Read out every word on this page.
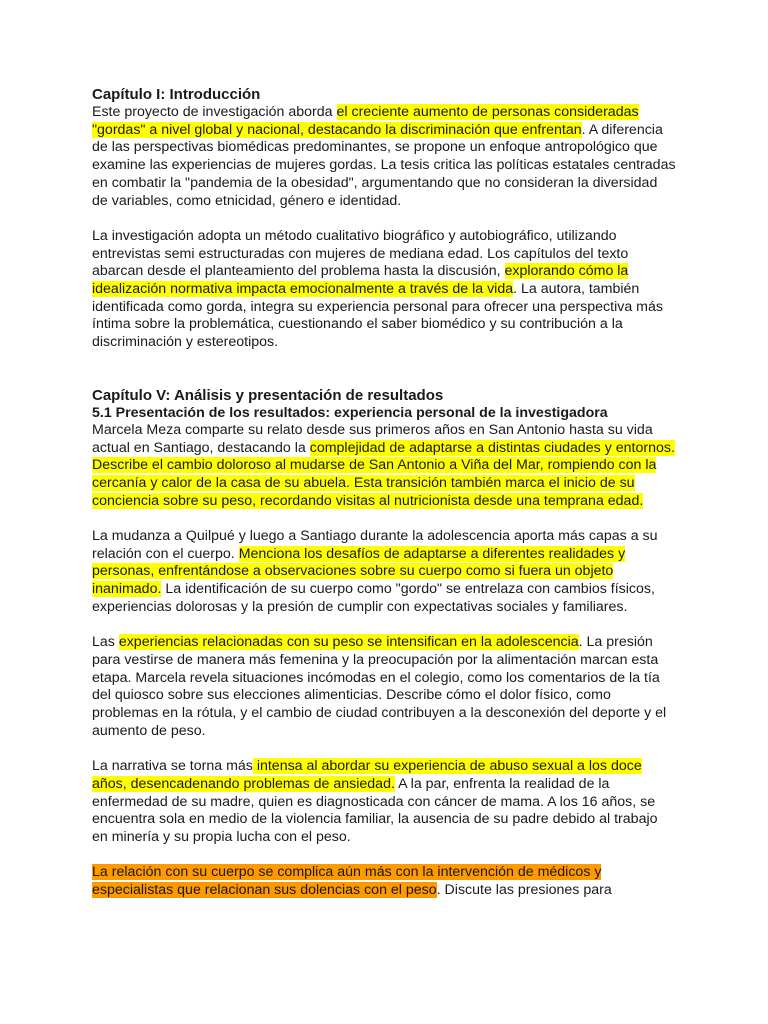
Capítulo I: Introducción

Este proyecto de investigación aborda el creciente aumento de personas consideradas "gordas" a nivel global y nacional, destacando la discriminación que enfrentan. A diferencia de las perspectivas biomédicas predominantes, se propone un enfoque antropológico que examine las experiencias de mujeres gordas. La tesis critica las políticas estatales centradas en combatir la "pandemia de la obesidad", argumentando que no consideran la diversidad de variables, como etnicidad, género e identidad.

La investigación adopta un método cualitativo biográfico y autobiográfico, utilizando entrevistas semi estructuradas con mujeres de mediana edad. Los capítulos del texto abarcan desde el planteamiento del problema hasta la discusión, explorando cómo la idealización normativa impacta emocionalmente a través de la vida. La autora, también identificada como gorda, integra su experiencia personal para ofrecer una perspectiva más íntima sobre la problemática, cuestionando el saber biomédico y su contribución a la discriminación y estereotipos.

Capítulo V: Análisis y presentación de resultados
5.1 Presentación de los resultados: experiencia personal de la investigadora

Marcela Meza comparte su relato desde sus primeros años en San Antonio hasta su vida actual en Santiago, destacando la complejidad de adaptarse a distintas ciudades y entornos. Describe el cambio doloroso al mudarse de San Antonio a Viña del Mar, rompiendo con la cercanía y calor de la casa de su abuela. Esta transición también marca el inicio de su conciencia sobre su peso, recordando visitas al nutricionista desde una temprana edad.

La mudanza a Quilpué y luego a Santiago durante la adolescencia aporta más capas a su relación con el cuerpo. Menciona los desafíos de adaptarse a diferentes realidades y personas, enfrentándose a observaciones sobre su cuerpo como si fuera un objeto inanimado. La identificación de su cuerpo como "gordo" se entrelaza con cambios físicos, experiencias dolorosas y la presión de cumplir con expectativas sociales y familiares.

Las experiencias relacionadas con su peso se intensifican en la adolescencia. La presión para vestirse de manera más femenina y la preocupación por la alimentación marcan esta etapa. Marcela revela situaciones incómodas en el colegio, como los comentarios de la tía del quiosco sobre sus elecciones alimenticias. Describe cómo el dolor físico, como problemas en la rótula, y el cambio de ciudad contribuyen a la desconexión del deporte y el aumento de peso.

La narrativa se torna más intensa al abordar su experiencia de abuso sexual a los doce años, desencadenando problemas de ansiedad. A la par, enfrenta la realidad de la enfermedad de su madre, quien es diagnosticada con cáncer de mama. A los 16 años, se encuentra sola en medio de la violencia familiar, la ausencia de su padre debido al trabajo en minería y su propia lucha con el peso.

La relación con su cuerpo se complica aún más con la intervención de médicos y especialistas que relacionan sus dolencias con el peso. Discute las presiones para
